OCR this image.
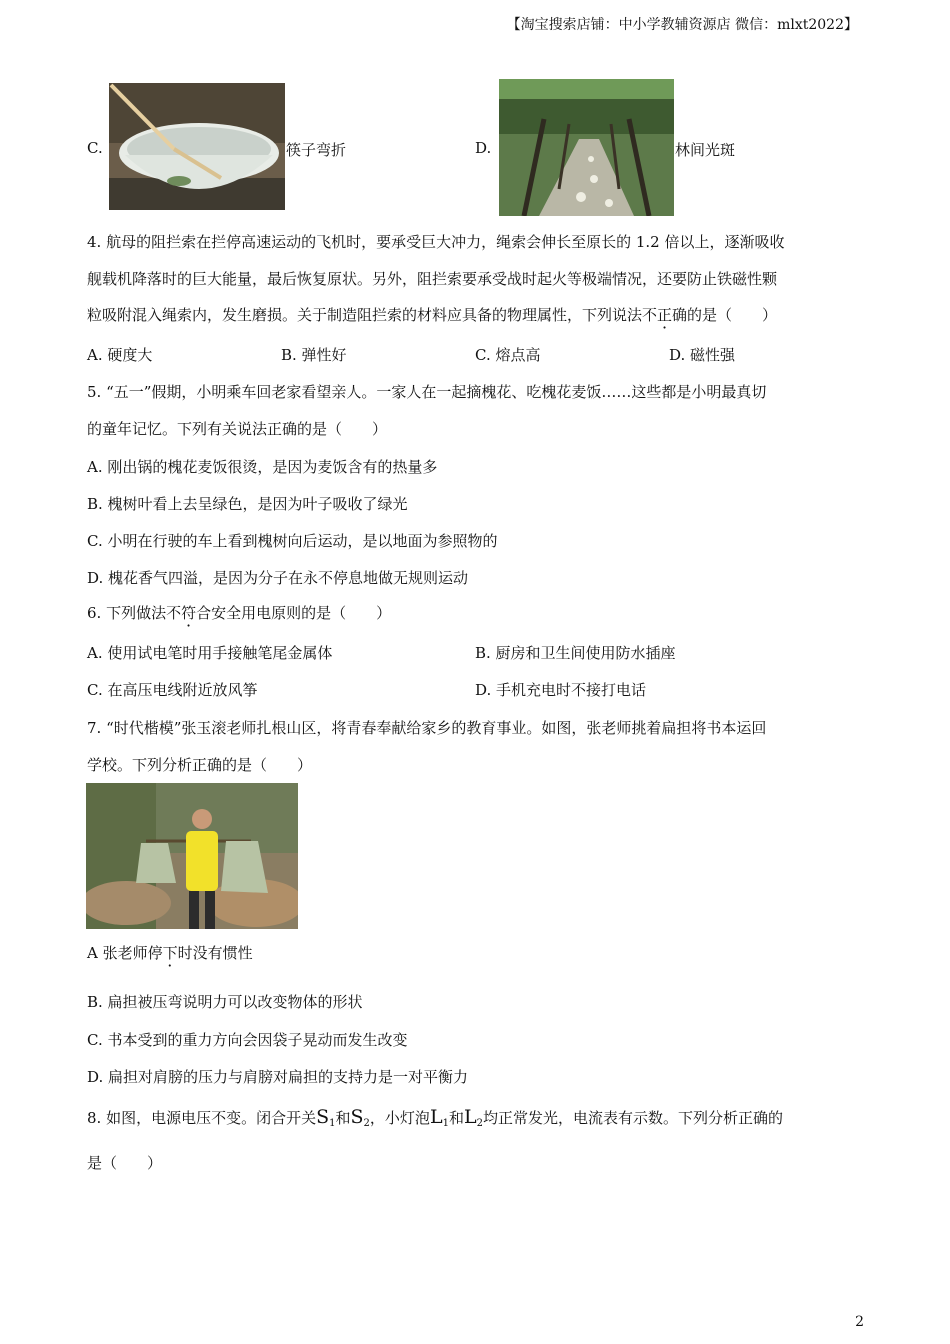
【淘宝搜索店铺：中小学教辅资源店 微信：mlxt2022】
C.	筷子弯折	D.	林间光斑
4. 航母的阻拦索在拦停高速运动的飞机时，要承受巨大冲力，绳索会伸长至原长的 1.2 倍以上，逐渐吸收
舰载机降落时的巨大能量，最后恢复原状。另外，阻拦索要承受战时起火等极端情况，还要防止铁磁性颗
粒吸附混入绳索内，发生磨损。关于制造阻拦索的材料应具备的物理属性，下列说法不正确的是（　　）
A. 硬度大	B. 弹性好	C. 熔点高	D. 磁性强
5. “五一”假期，小明乘车回老家看望亲人。一家人在一起摘槐花、吃槐花麦饭……这些都是小明最真切
的童年记忆。下列有关说法正确的是（　　）
A. 刚出锅的槐花麦饭很烫，是因为麦饭含有的热量多
B. 槐树叶看上去呈绿色，是因为叶子吸收了绿光
C. 小明在行驶的车上看到槐树向后运动，是以地面为参照物的
D. 槐花香气四溢，是因为分子在永不停息地做无规则运动
6. 下列做法不符合安全用电原则的是（　　）
A. 使用试电笔时用手接触笔尾金属体	B. 厨房和卫生间使用防水插座
C. 在高压电线附近放风筝	D. 手机充电时不接打电话
7. “时代楷模”张玉滚老师扎根山区，将青春奉献给家乡的教育事业。如图，张老师挑着扁担将书本运回
学校。下列分析正确的是（　　）
A 张老师停下时没有惯性 ·
B. 扁担被压弯说明力可以改变物体的形状
C. 书本受到的重力方向会因袋子晃动而发生改变
D. 扁担对肩膀的压力与肩膀对扁担的支持力是一对平衡力
8. 如图，电源电压不变。闭合开关$S_1$和$S_2$，小灯泡$L_1$和$L_2$均正常发光，电流表有示数。下列分析正确的
是（　　）
2
